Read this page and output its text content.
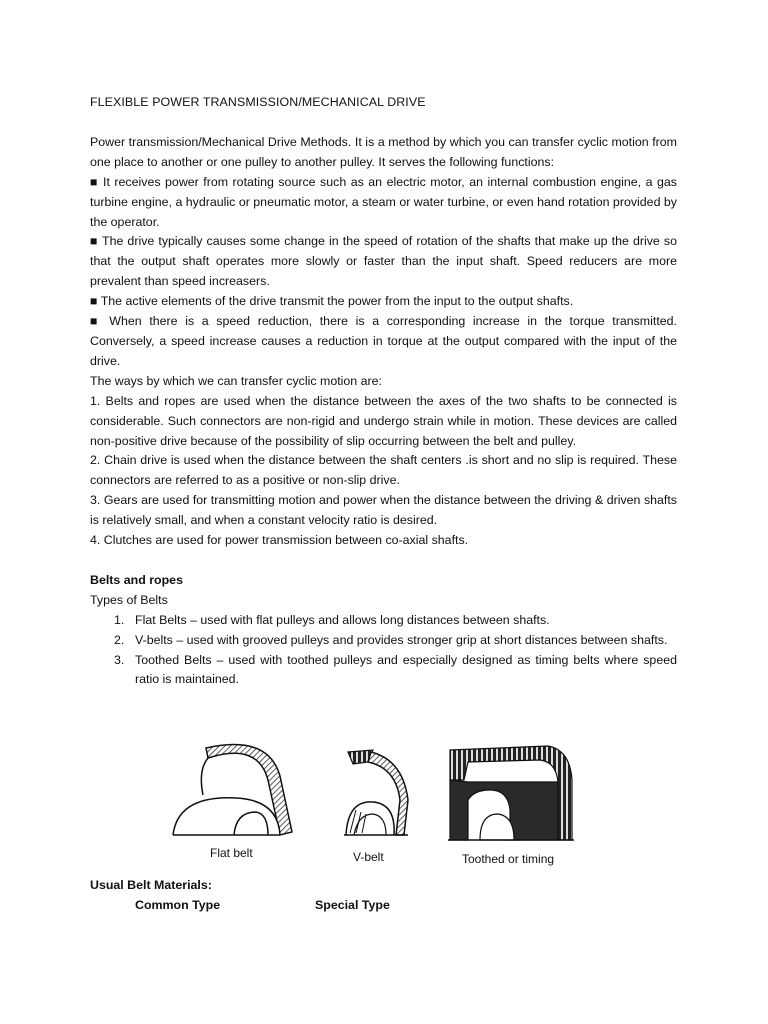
FLEXIBLE POWER TRANSMISSION/MECHANICAL DRIVE

Power transmission/Mechanical Drive Methods. It is a method by which you can transfer cyclic motion from one place to another or one pulley to another pulley. It serves the following functions:

■ It receives power from rotating source such as an electric motor, an internal combustion engine, a gas turbine engine, a hydraulic or pneumatic motor, a steam or water turbine, or even hand rotation provided by the operator.

■ The drive typically causes some change in the speed of rotation of the shafts that make up the drive so that the output shaft operates more slowly or faster than the input shaft. Speed reducers are more prevalent than speed increasers.

■ The active elements of the drive transmit the power from the input to the output shafts.

■ When there is a speed reduction, there is a corresponding increase in the torque transmitted. Conversely, a speed increase causes a reduction in torque at the output compared with the input of the drive.

The ways by which we can transfer cyclic motion are:

1. Belts and ropes are used when the distance between the axes of the two shafts to be connected is considerable. Such connectors are non-rigid and undergo strain while in motion. These devices are called non-positive drive because of the possibility of slip occurring between the belt and pulley.

2. Chain drive is used when the distance between the shaft centers .is short and no slip is required. These connectors are referred to as a positive or non-slip drive.

3. Gears are used for transmitting motion and power when the distance between the driving & driven shafts is relatively small, and when a constant velocity ratio is desired.

4. Clutches are used for power transmission between co-axial shafts.

Belts and ropes

Types of Belts

1. Flat Belts – used with flat pulleys and allows long distances between shafts.
2. V-belts – used with grooved pulleys and provides stronger grip at short distances between shafts.
3. Toothed Belts – used with toothed pulleys and especially designed as timing belts where speed ratio is maintained.
Flat belt	V-belt	Toothed or timing

Usual Belt Materials:

Common Type	Special Type
